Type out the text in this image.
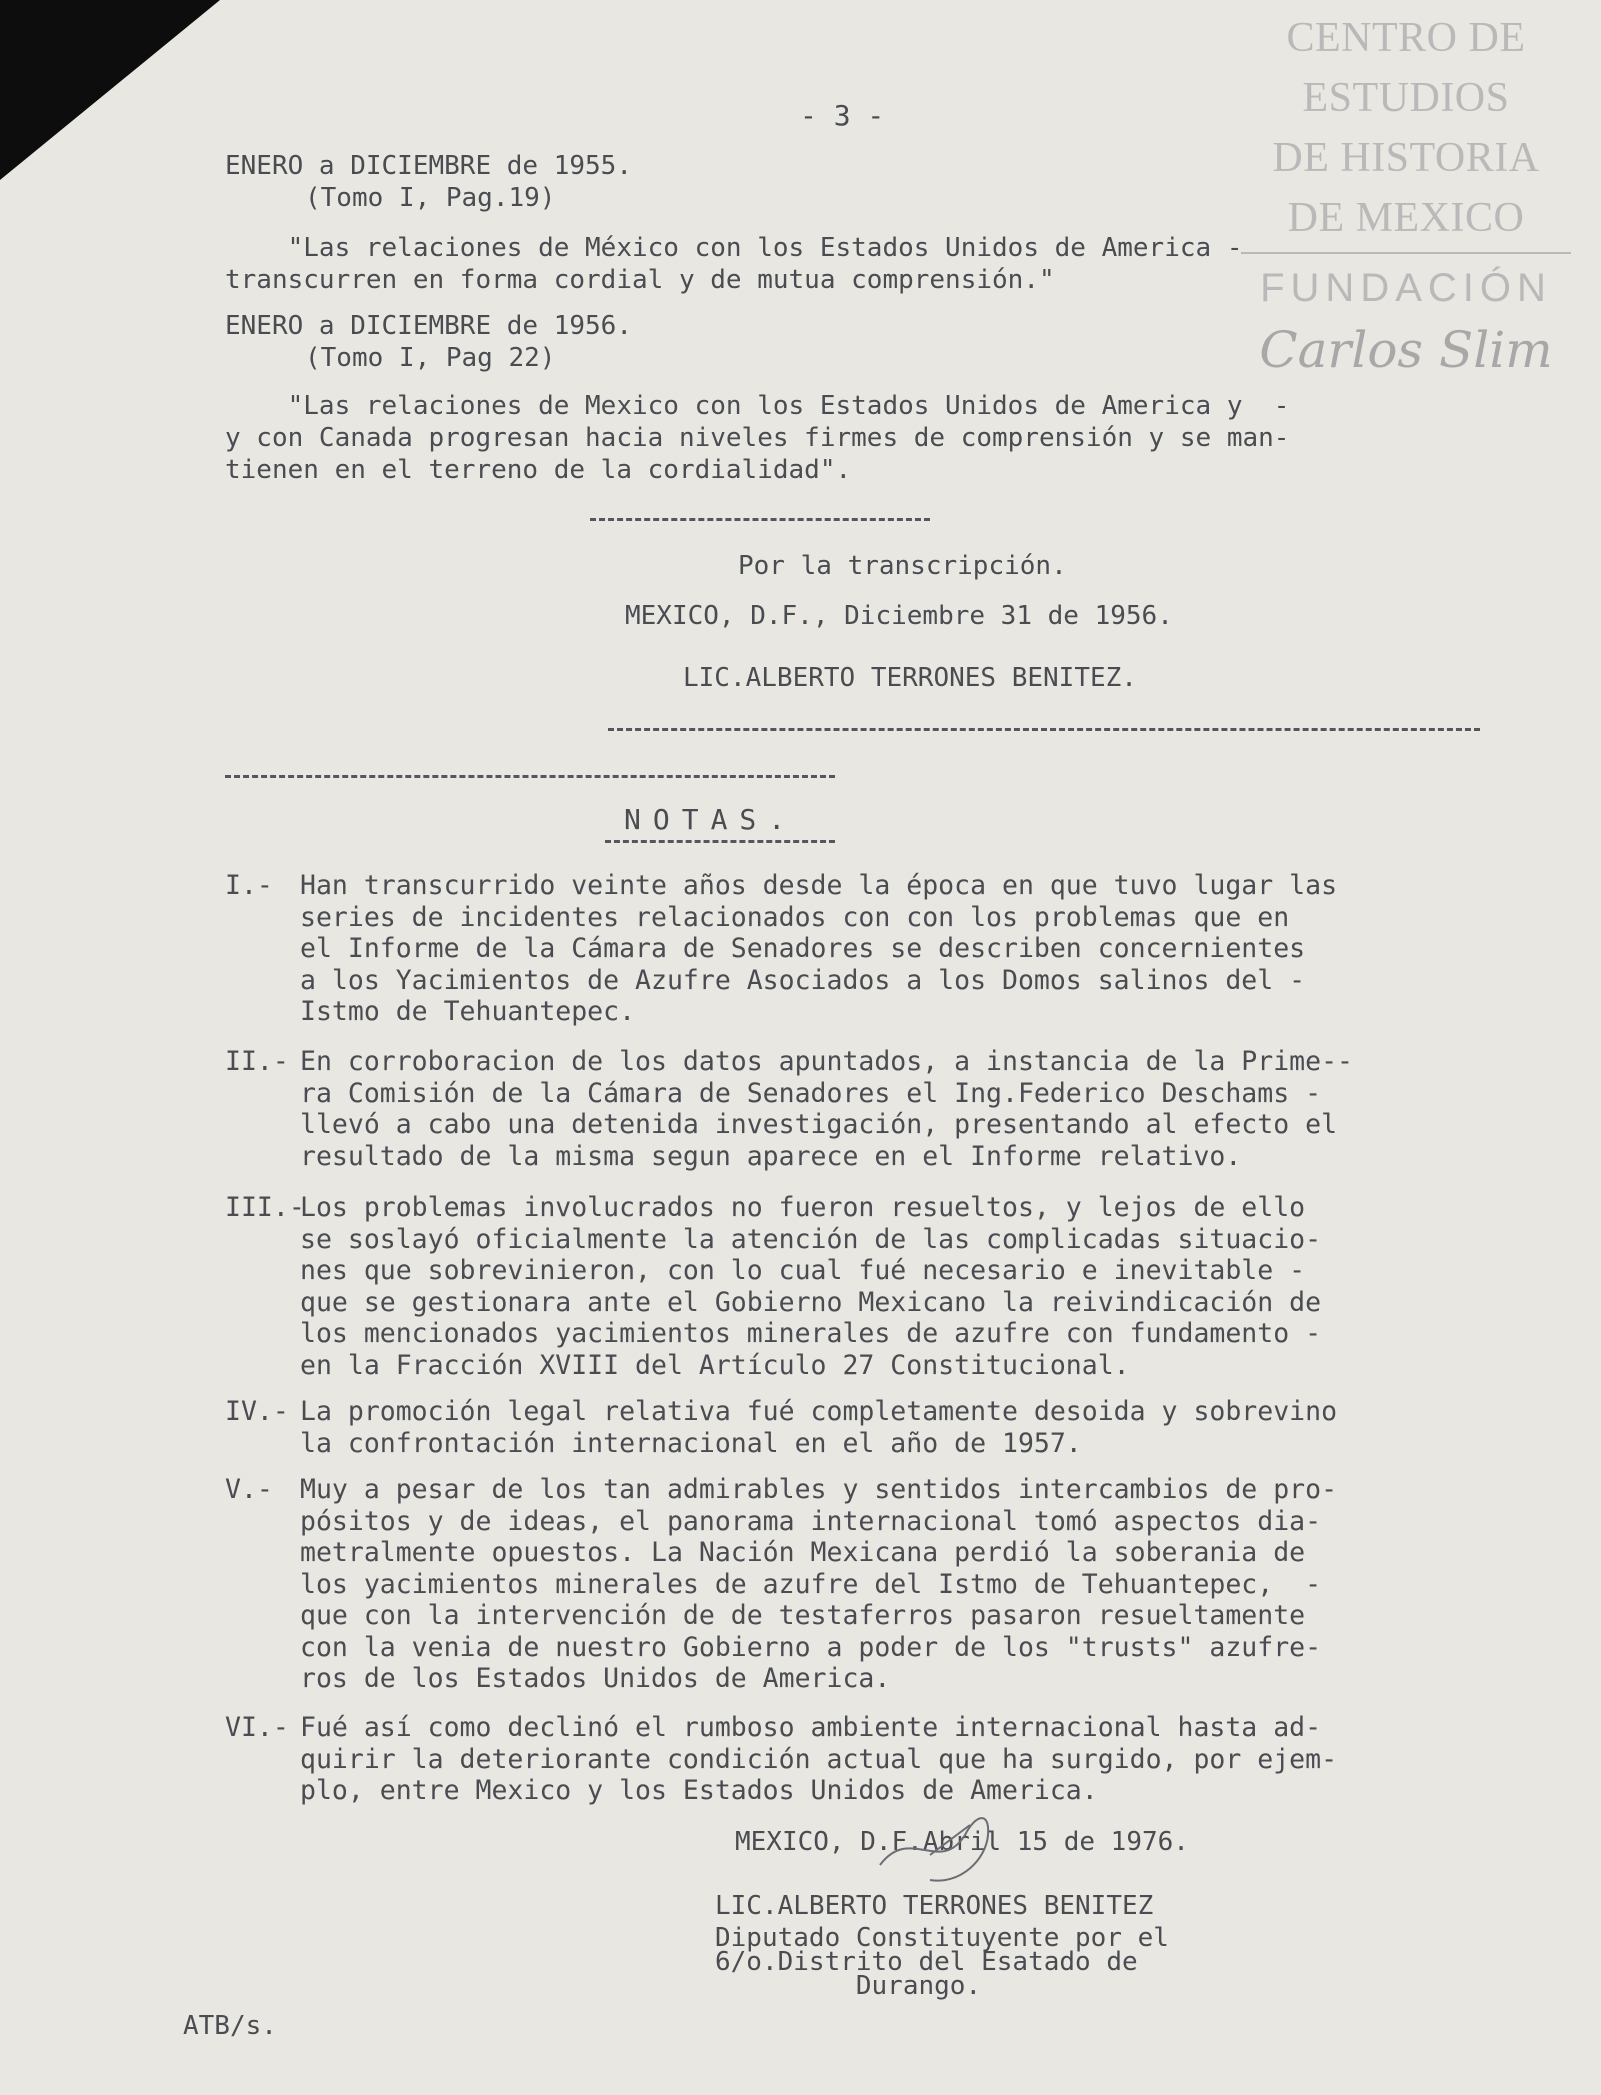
CENTRO DE
ESTUDIOS
DE HISTORIA
DE MEXICO
FUNDACIÓN
Carlos Slim
- 3 -
ENERO a DICIEMBRE de 1955.
(Tomo I, Pag.19)
"Las relaciones de México con los Estados Unidos de America -
transcurren en forma cordial y de mutua comprensión."
ENERO a DICIEMBRE de 1956.
(Tomo I, Pag 22)
"Las relaciones de Mexico con los Estados Unidos de America y  -
y con Canada progresan hacia niveles firmes de comprensión y se man-
tienen en el terreno de la cordialidad".
Por la transcripción.
MEXICO, D.F., Diciembre 31 de 1956.
LIC.ALBERTO TERRONES BENITEZ.
NOTAS.
I.-	Han transcurrido veinte años desde la época en que tuvo lugar las
series de incidentes relacionados con con los problemas que en
el Informe de la Cámara de Senadores se describen concernientes
a los Yacimientos de Azufre Asociados a los Domos salinos del -
Istmo de Tehuantepec.
II.- En corroboracion de los datos apuntados, a instancia de la Prime--
ra Comisión de la Cámara de Senadores el Ing.Federico Deschams -
llevó a cabo una detenida investigación, presentando al efecto el
resultado de la misma segun aparece en el Informe relativo.
III.-
Los problemas involucrados no fueron resueltos, y lejos de ello
se soslayó oficialmente la atención de las complicadas situacio-
nes que sobrevinieron, con lo cual fué necesario e inevitable -
que se gestionara ante el Gobierno Mexicano la reivindicación de
los mencionados yacimientos minerales de azufre con fundamento -
en la Fracción XVIII del Artículo 27 Constitucional.
IV.- La promoción legal relativa fué completamente desoida y sobrevino
la confrontación internacional en el año de 1957.
V.-	Muy a pesar de los tan admirables y sentidos intercambios de pro-
pósitos y de ideas, el panorama internacional tomó aspectos dia-
metralmente opuestos. La Nación Mexicana perdió la soberania de
los yacimientos minerales de azufre del Istmo de Tehuantepec,  -
que con la intervención de de testaferros pasaron resueltamente
con la venia de nuestro Gobierno a poder de los "trusts" azufre-
ros de los Estados Unidos de America.
VI.- Fué así como declinó el rumboso ambiente internacional hasta ad-
quirir la deteriorante condición actual que ha surgido, por ejem-
plo, entre Mexico y los Estados Unidos de America.
MEXICO, D.F.Abril 15 de 1976.
LIC.ALBERTO TERRONES BENITEZ
Diputado Constituyente por el
6/o.Distrito del Esatado de
Durango.
ATB/s.
